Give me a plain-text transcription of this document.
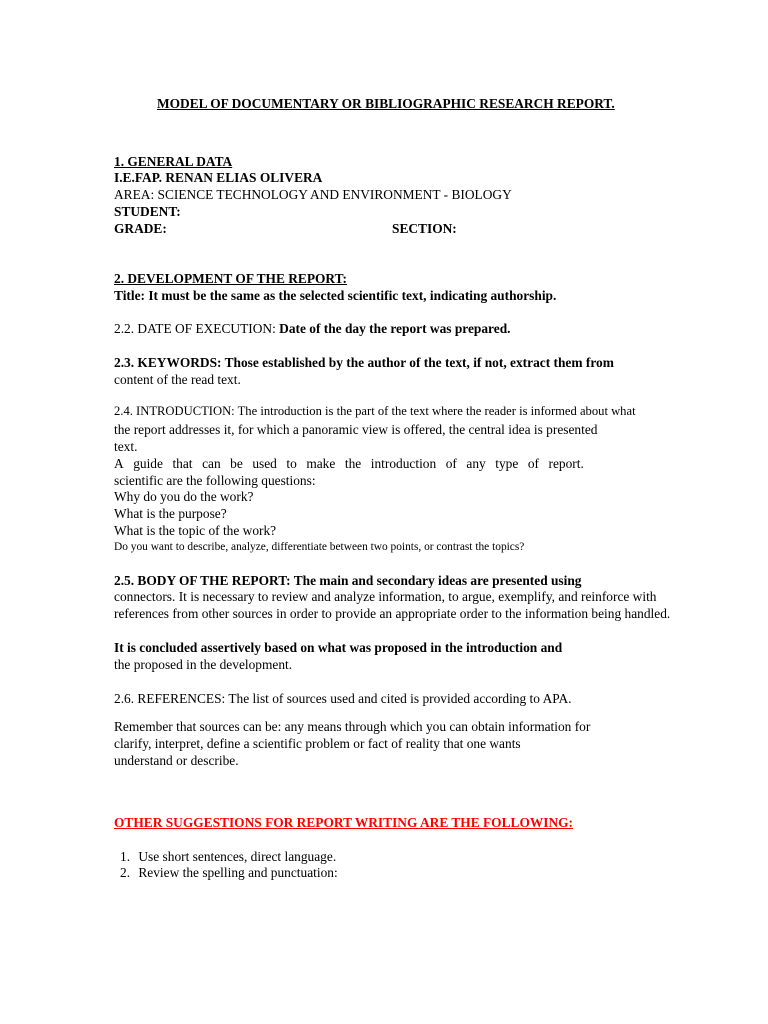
MODEL OF DOCUMENTARY OR BIBLIOGRAPHIC RESEARCH REPORT.
1. GENERAL DATA
I.E.FAP. RENAN ELIAS OLIVERA
AREA: SCIENCE TECHNOLOGY AND ENVIRONMENT - BIOLOGY
STUDENT:
GRADE:	SECTION:
2. DEVELOPMENT OF THE REPORT:
Title: It must be the same as the selected scientific text, indicating authorship.
2.2. DATE OF EXECUTION: Date of the day the report was prepared.
2.3. KEYWORDS: Those established by the author of the text, if not, extract them from
content of the read text.
2.4. INTRODUCTION: The introduction is the part of the text where the reader is informed about what
the report addresses it, for which a panoramic view is offered, the central idea is presented
text.
A guide that can be used to make the introduction of any type of report.
scientific are the following questions:
Why do you do the work?
What is the purpose?
What is the topic of the work?
Do you want to describe, analyze, differentiate between two points, or contrast the topics?
2.5. BODY OF THE REPORT: The main and secondary ideas are presented using
connectors. It is necessary to review and analyze information, to argue, exemplify, and reinforce with
references from other sources in order to provide an appropriate order to the information being handled.
It is concluded assertively based on what was proposed in the introduction and
the proposed in the development.
2.6. REFERENCES: The list of sources used and cited is provided according to APA.
Remember that sources can be: any means through which you can obtain information for
clarify, interpret, define a scientific problem or fact of reality that one wants
understand or describe.
OTHER SUGGESTIONS FOR REPORT WRITING ARE THE FOLLOWING:
1. Use short sentences, direct language.
2. Review the spelling and punctuation:
